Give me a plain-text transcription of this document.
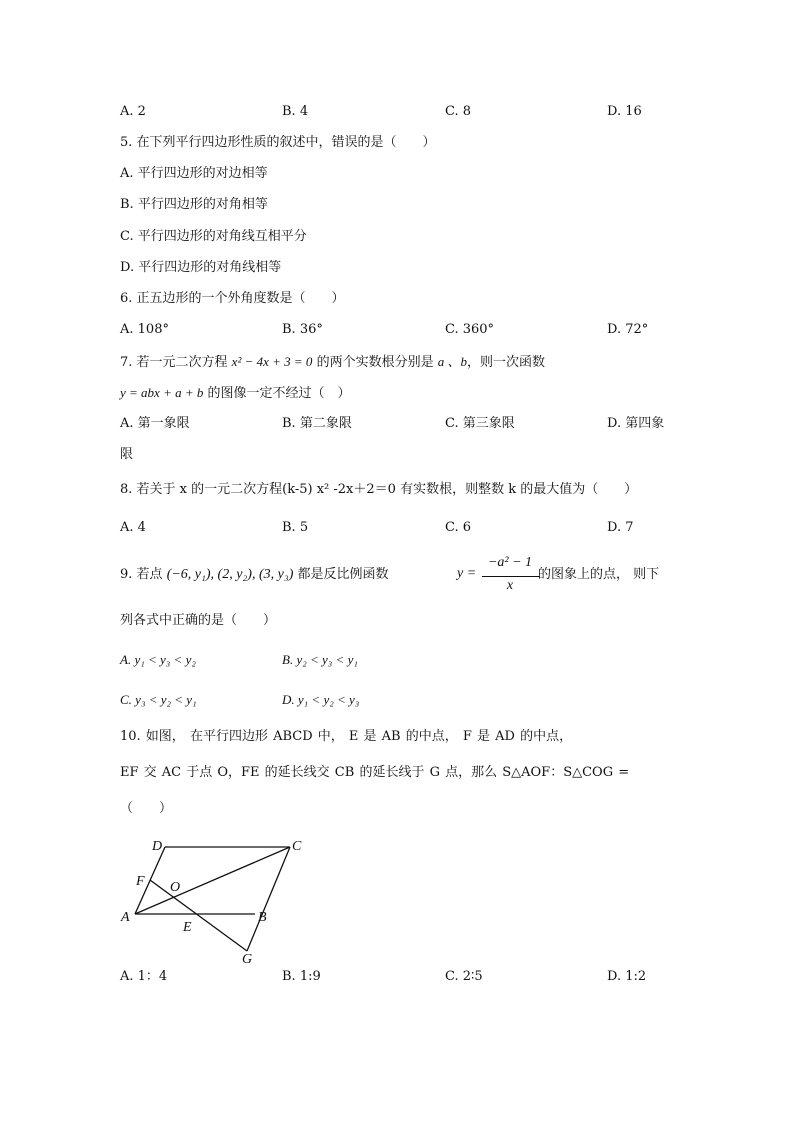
A. 2	B. 4	C. 8	D. 16
5. 在下列平行四边形性质的叙述中，错误的是（　　）
A. 平行四边形的对边相等
B. 平行四边形的对角相等
C. 平行四边形的对角线互相平分
D. 平行四边形的对角线相等
6. 正五边形的一个外角度数是（　　）
A. 108°	B. 36°	C. 360°	D. 72°
7. 若一元二次方程 x² − 4x + 3 = 0 的两个实数根分别是 a 、b，则一次函数
y = abx + a + b 的图像一定不经过（　）
A. 第一象限	B. 第二象限	C. 第三象限	D. 第四象
限
8. 若关于 x 的一元二次方程(k-5) x² -2x＋2＝0 有实数根，则整数 k 的最大值为（　　）
A. 4	B. 5	C. 6	D. 7
9. 若点 (−6, y₁), (2, y₂), (3, y₃) 都是反比例函数	y =
−a² − 1
x
的图象上的点， 则下
列各式中正确的是（　　）
A. y₁ < y₃ < y₂	B. y₂ < y₃ < y₁
C. y₃ < y₂ < y₁	D. y₁ < y₂ < y₃
10. 如图， 在平行四边形 ABCD 中， E 是 AB 的中点， F 是 AD 的中点，
EF 交 AC 于点 O，FE 的延长线交 CB 的延长线于 G 点，那么 S△AOF：S△COG =
（　　）
D	C
F O
A	B
E
G
A. 1：4	B. 1:9	C. 2∶5	D. 1:2
